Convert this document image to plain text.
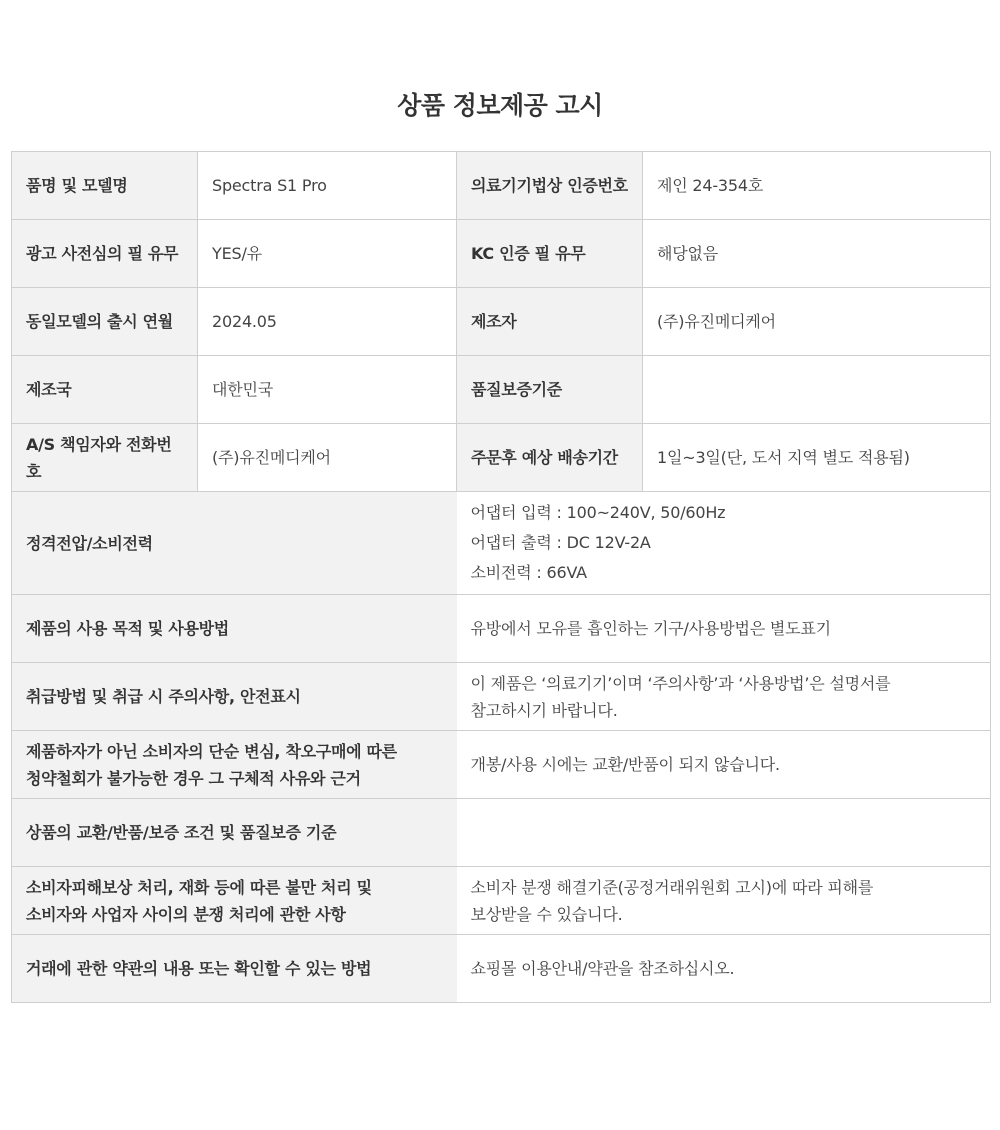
상품 정보제공 고시
품명 및 모델명	Spectra S1 Pro	의료기기법상 인증번호	제인 24-354호
광고 사전심의 필 유무	YES/유	KC 인증 필 유무	해당없음
동일모델의 출시 연월	2024.05	제조자	(주)유진메디케어
제조국	대한민국	품질보증기준	
A/S 책임자와 전화번호	(주)유진메디케어	주문후 예상 배송기간	1일~3일(단, 도서 지역 별도 적용됨)

정격전압/소비전력		어댑터 입력 : 100~240V, 50/60Hz
어댑터 출력 : DC 12V-2A
소비전력 : 66VA	

제품의 사용 목적 및 사용방법		유방에서 모유를 흡인하는 기구/사용방법은 별도표기	

취급방법 및 취급 시 주의사항, 안전표시		이 제품은 ‘의료기기’이며 ‘주의사항’과 ‘사용방법’은 설명서를
참고하시기 바랍니다.	

제품하자가 아닌 소비자의 단순 변심, 착오구매에 따른
청약철회가 불가능한 경우 그 구체적 사유와 근거		개봉/사용 시에는 교환/반품이 되지 않습니다.	

상품의 교환/반품/보증 조건 및 품질보증 기준			

소비자피해보상 처리, 재화 등에 따른 불만 처리 및
소비자와 사업자 사이의 분쟁 처리에 관한 사항		소비자 분쟁 해결기준(공정거래위원회 고시)에 따라 피해를
보상받을 수 있습니다.	

거래에 관한 약관의 내용 또는 확인할 수 있는 방법		쇼핑몰 이용안내/약관을 참조하십시오.	
